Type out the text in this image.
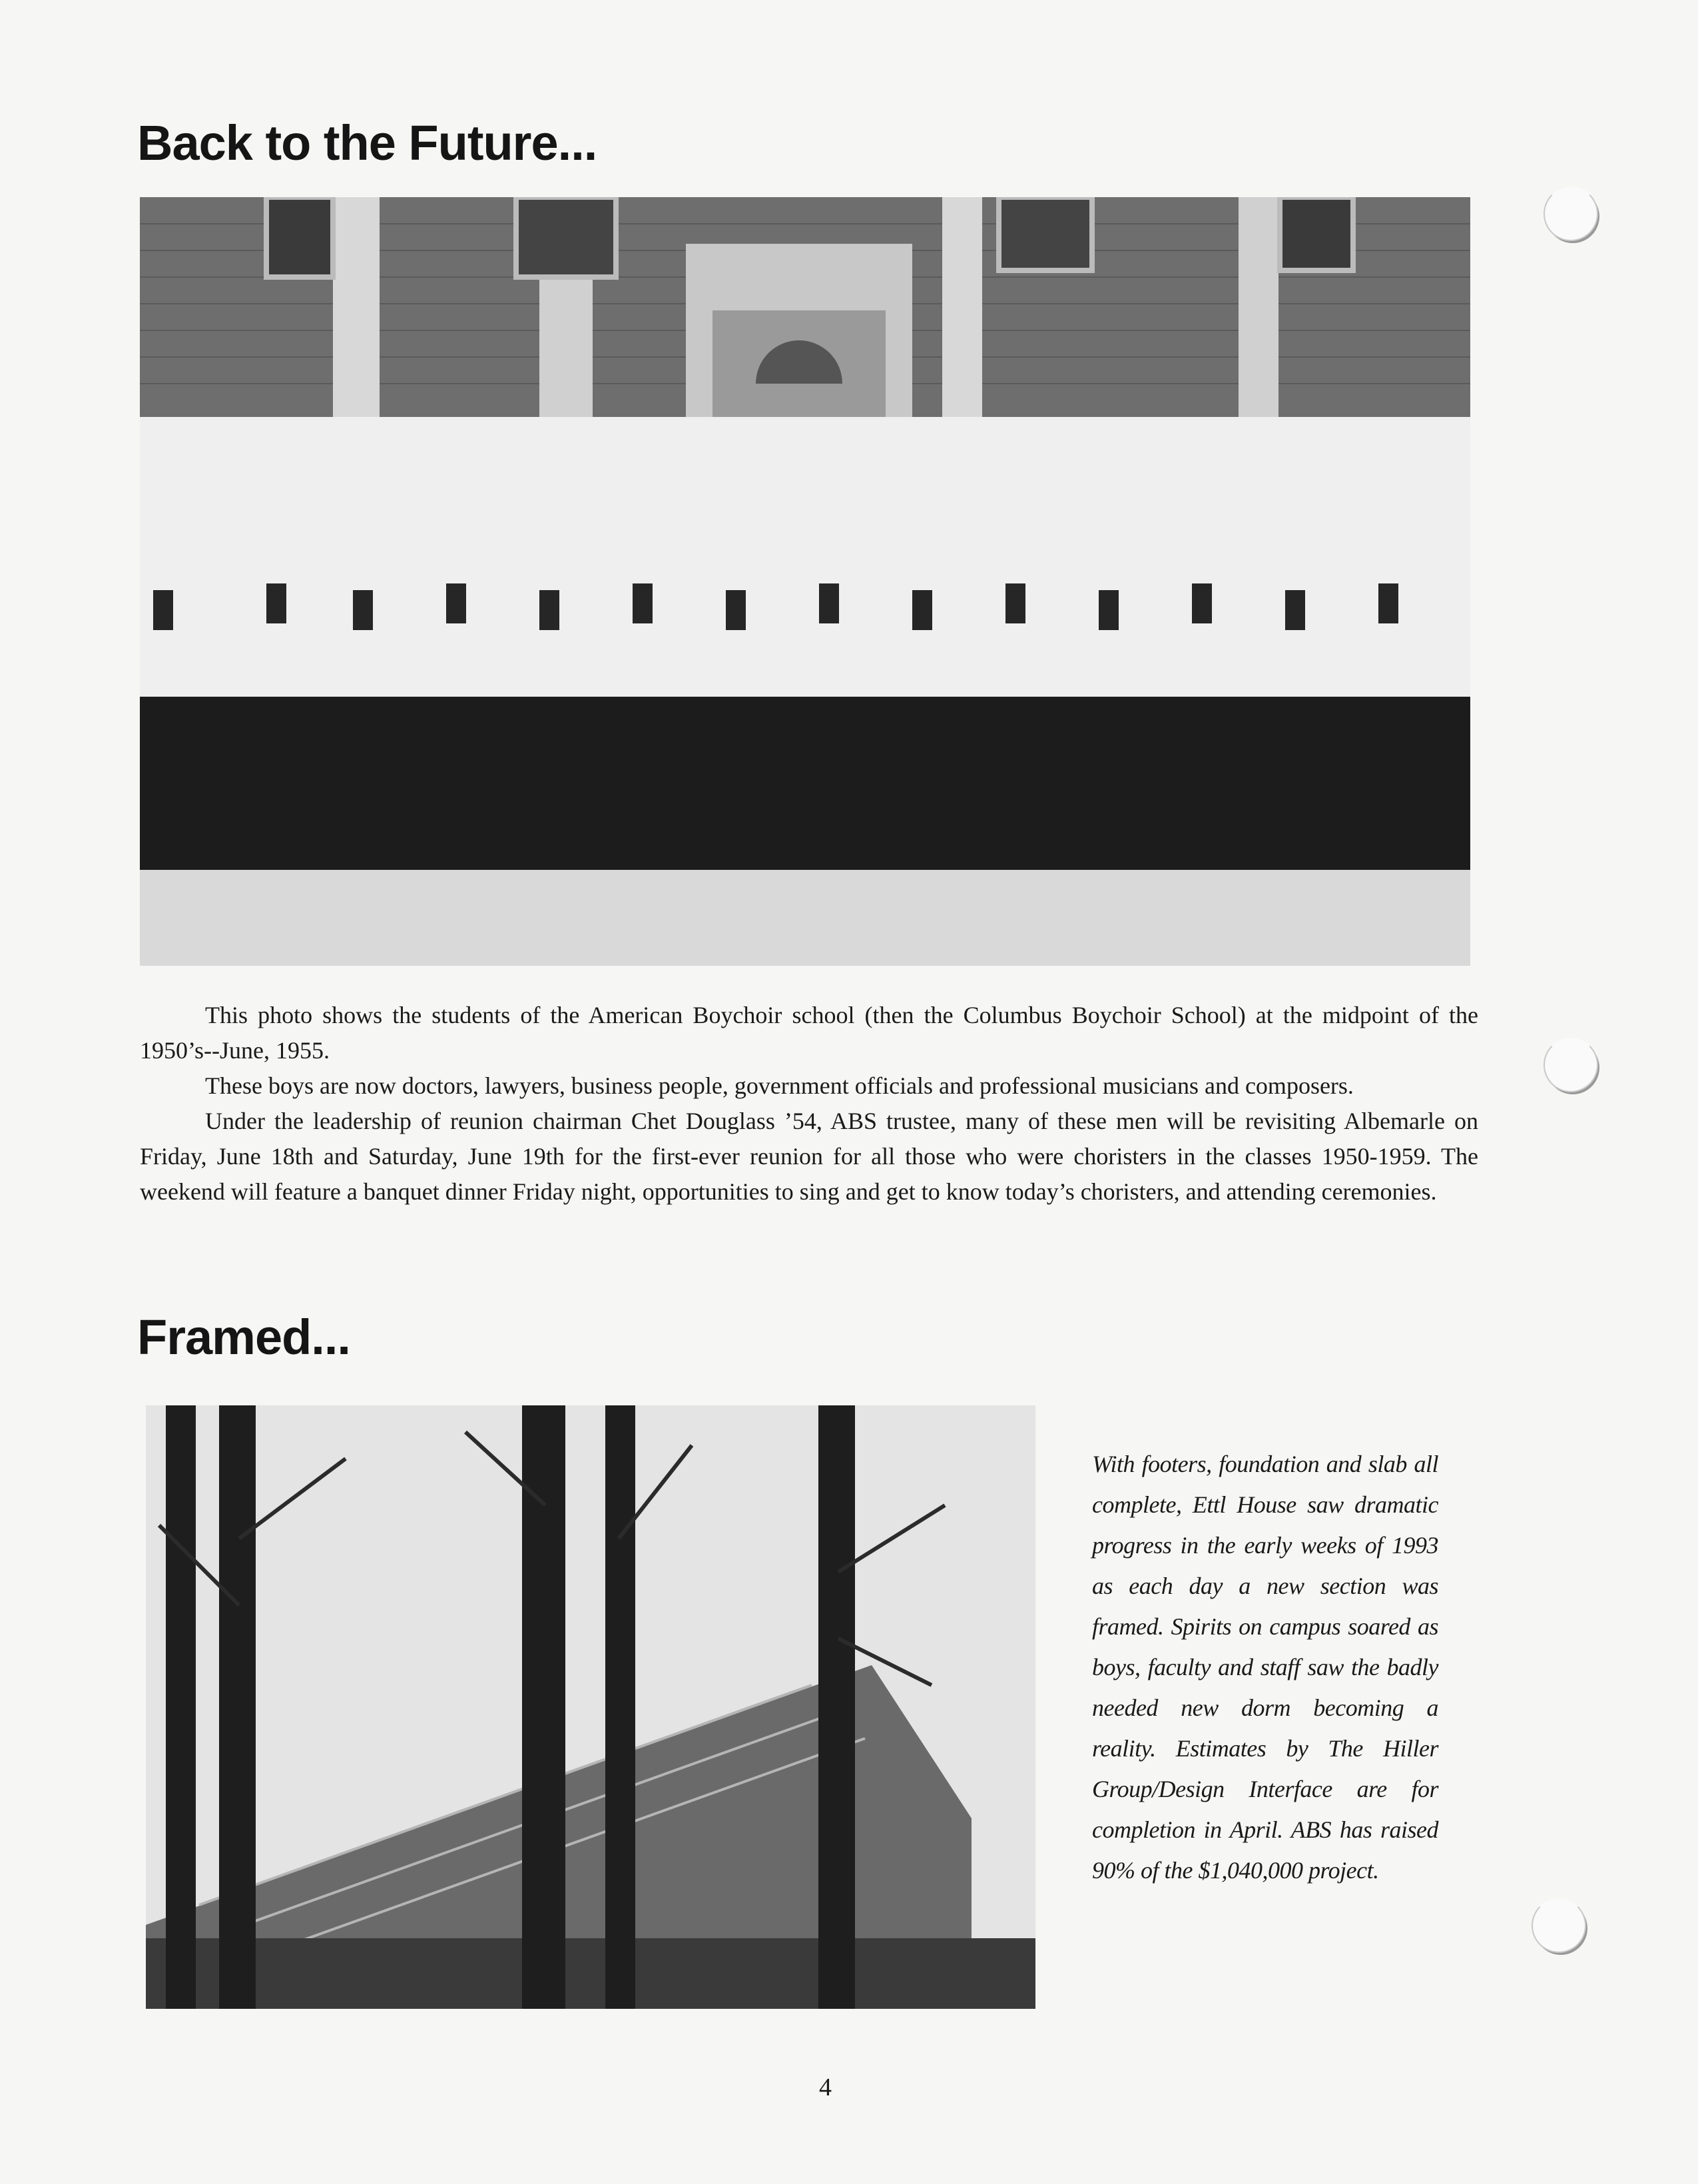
Back to the Future...

This photo shows the students of the American Boychoir school (then the Columbus Boychoir School) at the midpoint of the 1950’s--June, 1955.

These boys are now doctors, lawyers, business people, government officials and professional musicians and composers.

Under the leadership of reunion chairman Chet Douglass ’54, ABS trustee, many of these men will be revisiting Albemarle on Friday, June 18th and Saturday, June 19th for the first-ever reunion for all those who were choristers in the classes 1950-1959. The weekend will feature a banquet dinner Friday night, opportunities to sing and get to know today’s choristers, and attending ceremonies.

Framed...
With footers, foundation and slab all complete, Ettl House saw dramatic progress in the early weeks of 1993 as each day a new section was framed. Spirits on campus soared as boys, faculty and staff saw the badly needed new dorm becoming a reality. Estimates by The Hiller Group/Design Interface are for completion in April. ABS has raised 90% of the $1,040,000 project.
4
